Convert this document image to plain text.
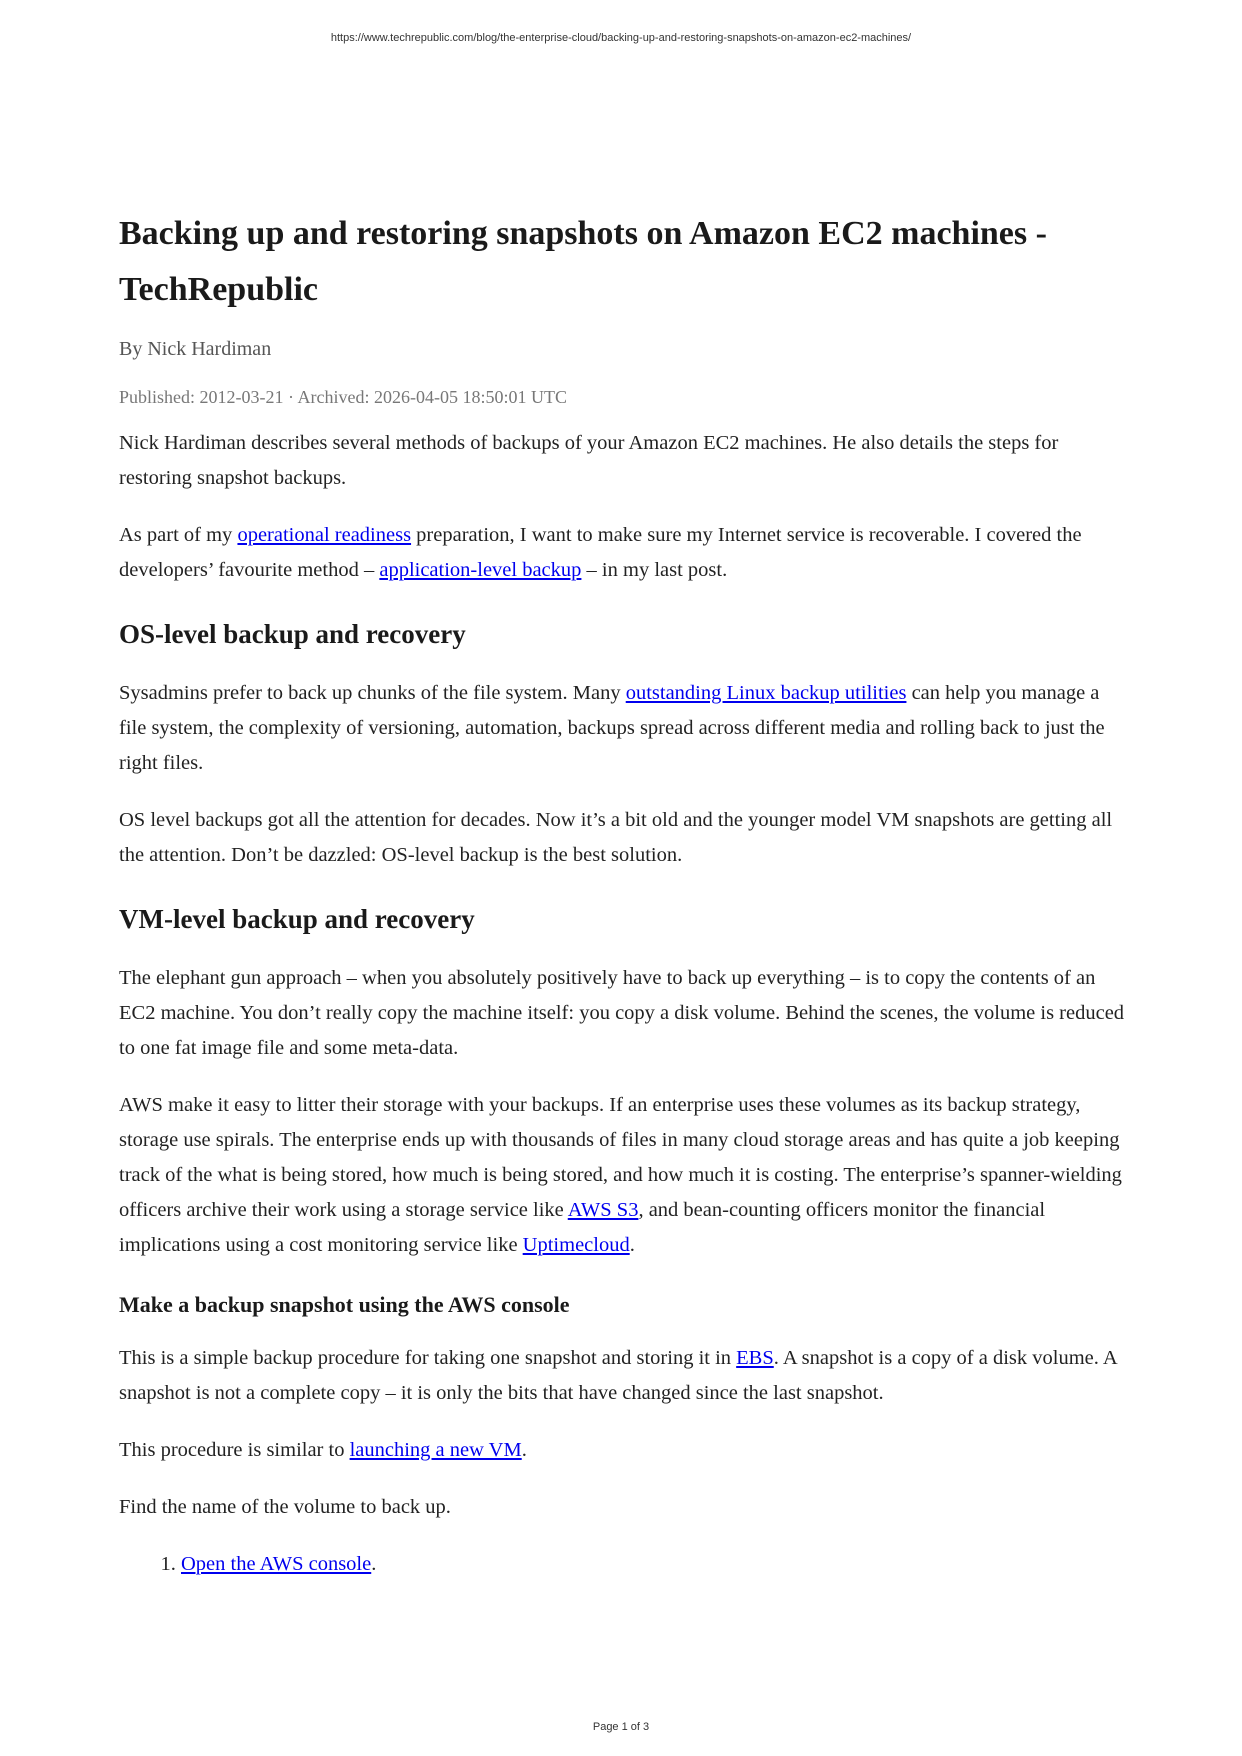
https://www.techrepublic.com/blog/the-enterprise-cloud/backing-up-and-restoring-snapshots-on-amazon-ec2-machines/
Backing up and restoring snapshots on Amazon EC2 machines - TechRepublic
By Nick Hardiman
Published: 2012-03-21 · Archived: 2026-04-05 18:50:01 UTC

Nick Hardiman describes several methods of backups of your Amazon EC2 machines. He also details the steps for restoring snapshot backups.

As part of my operational readiness preparation, I want to make sure my Internet service is recoverable. I covered the developers’ favourite method – application-level backup – in my last post.

OS-level backup and recovery

Sysadmins prefer to back up chunks of the file system. Many outstanding Linux backup utilities can help you manage a file system, the complexity of versioning, automation, backups spread across different media and rolling back to just the right files.

OS level backups got all the attention for decades. Now it’s a bit old and the younger model VM snapshots are getting all the attention. Don’t be dazzled: OS-level backup is the best solution.

VM-level backup and recovery

The elephant gun approach – when you absolutely positively have to back up everything – is to copy the contents of an EC2 machine. You don’t really copy the machine itself: you copy a disk volume. Behind the scenes, the volume is reduced to one fat image file and some meta-data.

AWS make it easy to litter their storage with your backups. If an enterprise uses these volumes as its backup strategy, storage use spirals. The enterprise ends up with thousands of files in many cloud storage areas and has quite a job keeping track of the what is being stored, how much is being stored, and how much it is costing. The enterprise’s spanner-wielding officers archive their work using a storage service like AWS S3, and bean-counting officers monitor the financial implications using a cost monitoring service like Uptimecloud.

Make a backup snapshot using the AWS console

This is a simple backup procedure for taking one snapshot and storing it in EBS. A snapshot is a copy of a disk volume. A snapshot is not a complete copy – it is only the bits that have changed since the last snapshot.

This procedure is similar to launching a new VM.

Find the name of the volume to back up.

1. Open the AWS console.
Page 1 of 3
